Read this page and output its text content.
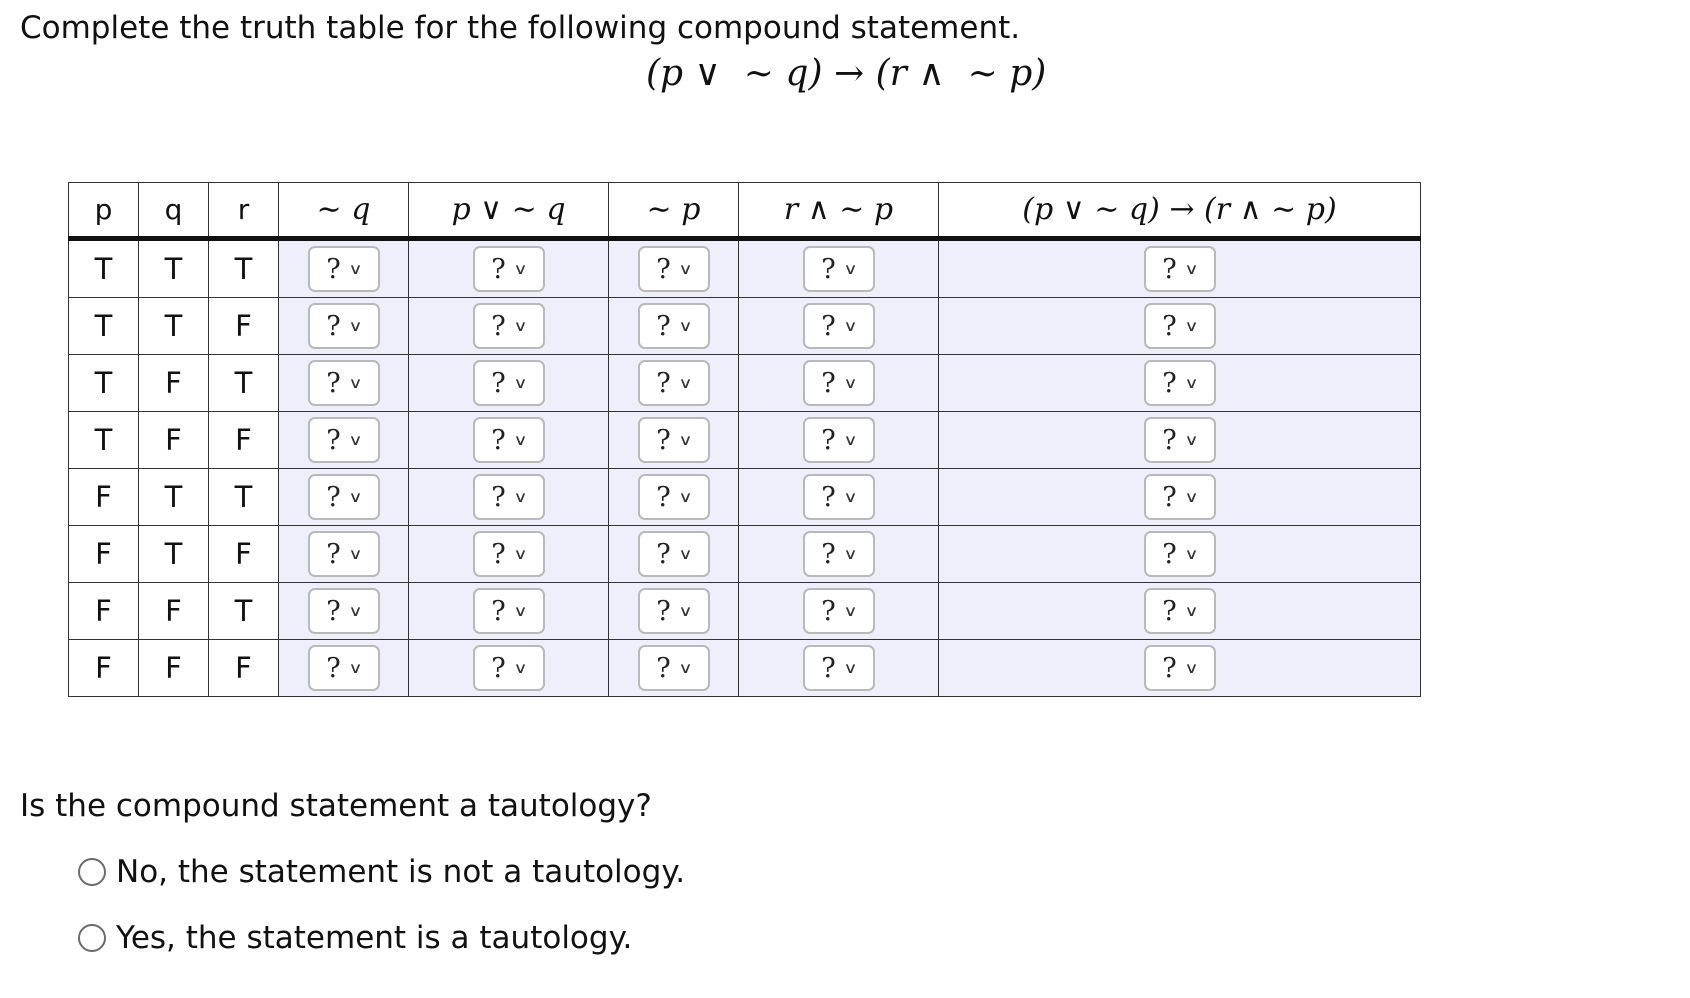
Complete the truth table for the following compound statement.
(p ∨ ∼ q) → (r ∧ ∼ p)
p	q	r	∼ q	p ∨ ∼ q	∼ p	r ∧ ∼ p	(p ∨ ∼ q) → (r ∧ ∼ p)
T	T	T	? ∨	? ∨	? ∨	? ∨	? ∨

T	T	F	? ∨	? ∨	? ∨	? ∨	? ∨

T	F	T	? ∨	? ∨	? ∨	? ∨	? ∨

T	F	F	? ∨	? ∨	? ∨	? ∨	? ∨

F	T	T	? ∨	? ∨	? ∨	? ∨	? ∨

F	T	F	? ∨	? ∨	? ∨	? ∨	? ∨

F	F	T	? ∨	? ∨	? ∨	? ∨	? ∨

F	F	F	? ∨	? ∨	? ∨	? ∨	? ∨
Is the compound statement a tautology?
No, the statement is not a tautology.
Yes, the statement is a tautology.
